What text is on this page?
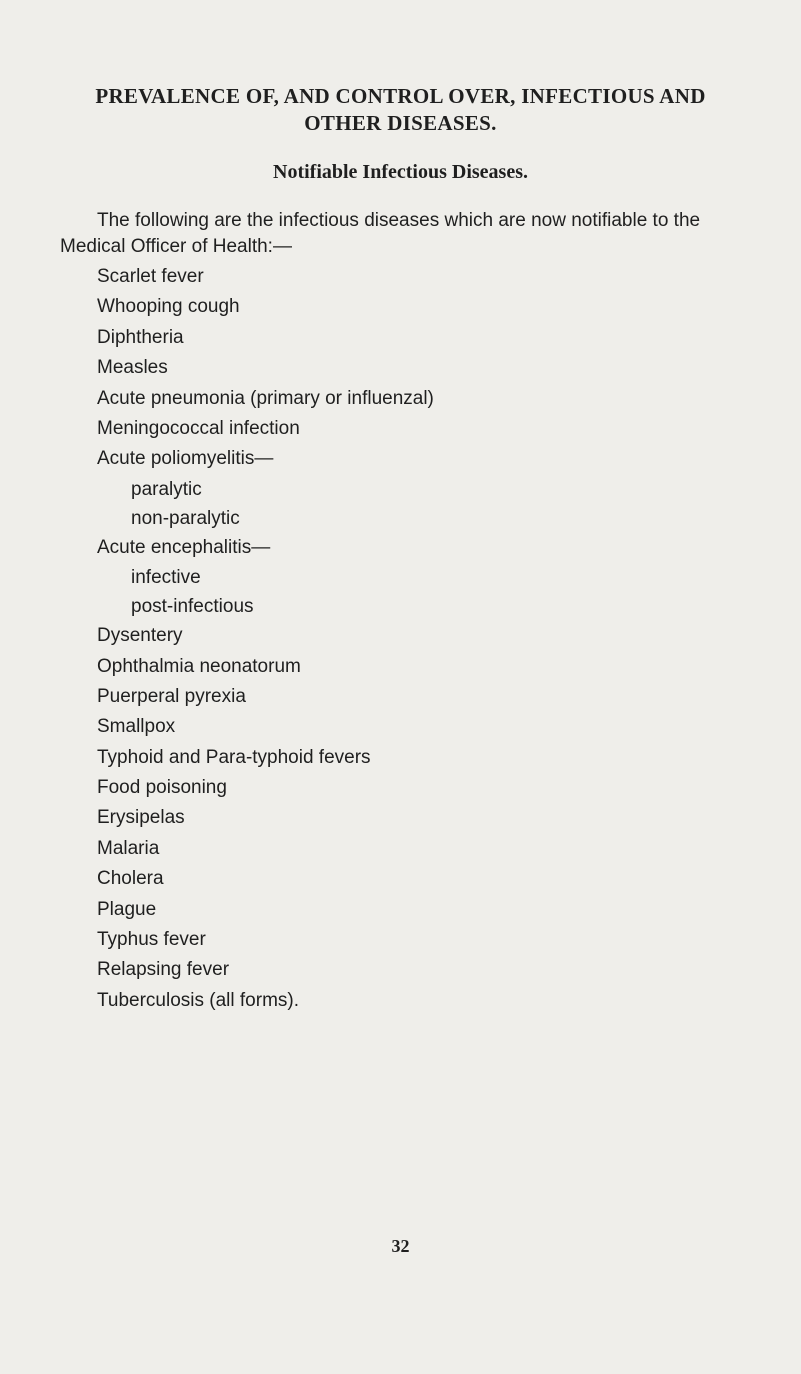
PREVALENCE OF, AND CONTROL OVER, INFECTIOUS AND
OTHER DISEASES.
Notifiable Infectious Diseases.
The following are the infectious diseases which are now notifiable to the Medical Officer of Health:—
Scarlet fever
Whooping cough
Diphtheria
Measles
Acute pneumonia (primary or influenzal)
Meningococcal infection
Acute poliomyelitis—
paralytic
non-paralytic
Acute encephalitis—
infective
post-infectious
Dysentery
Ophthalmia neonatorum
Puerperal pyrexia
Smallpox
Typhoid and Para-typhoid fevers
Food poisoning
Erysipelas
Malaria
Cholera
Plague
Typhus fever
Relapsing fever
Tuberculosis (all forms).
32
